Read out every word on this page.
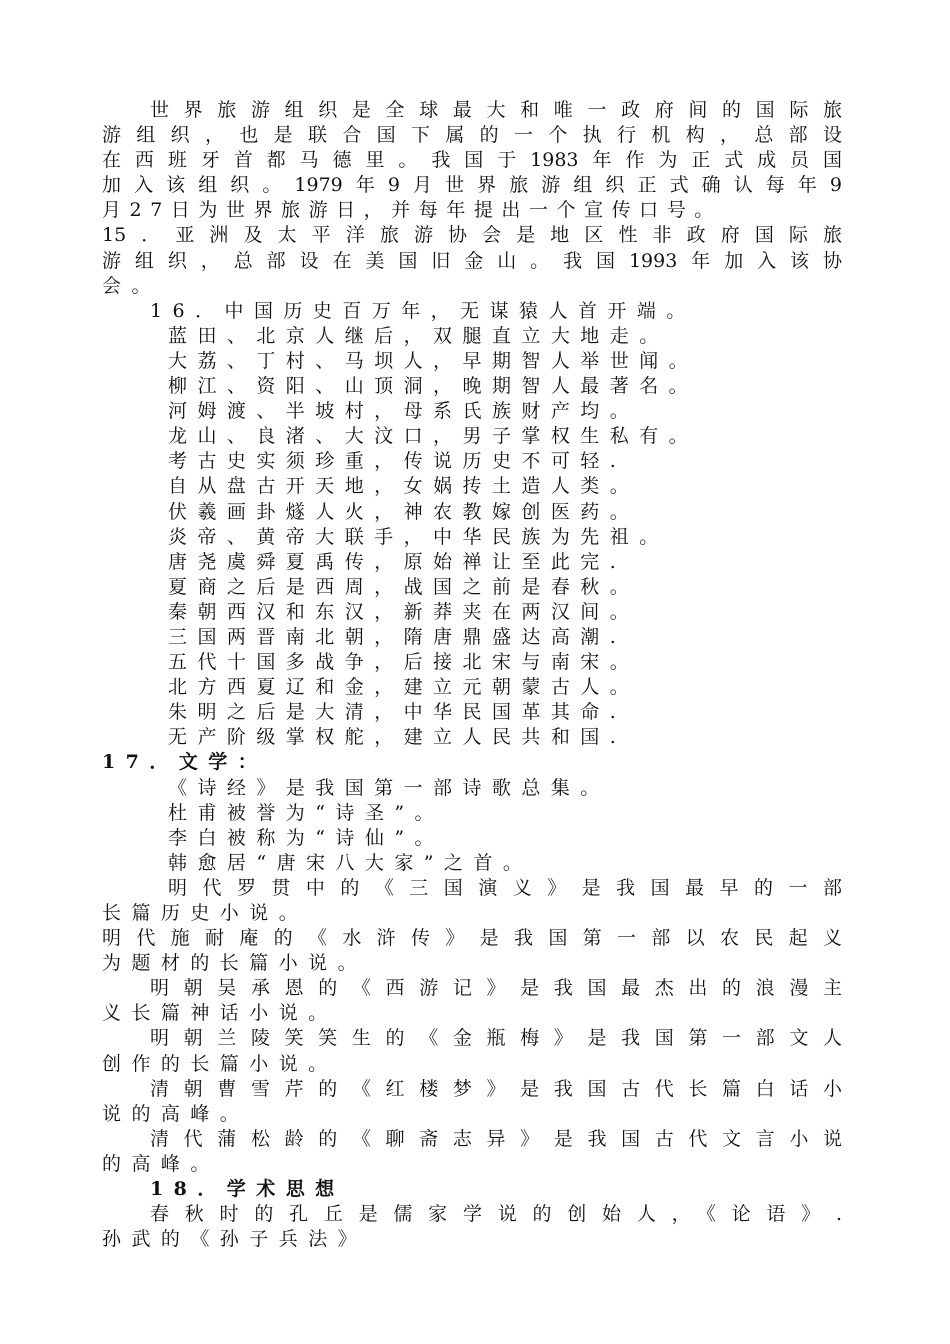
世界旅游组织是全球最大和唯一政府间的国际旅
游组织，也是联合国下属的一个执行机构，总部设
在西班牙首都马德里。我国于1983年作为正式成员国
加入该组织。1979年9月世界旅游组织正式确认每年9
月27日为世界旅游日，并每年提出一个宣传口号。
15．亚洲及太平洋旅游协会是地区性非政府国际旅
游组织，总部设在美国旧金山。我国1993年加入该协
会。
16．中国历史百万年，无谋猿人首开端。
蓝田、北京人继后，双腿直立大地走。
大荔、丁村、马坝人，早期智人举世闻。
柳江、资阳、山顶洞，晚期智人最著名。
河姆渡、半坡村，母系氏族财产均。
龙山、良渚、大汶口，男子掌权生私有。
考古史实须珍重，传说历史不可轻.
自从盘古开天地，女娲抟土造人类。
伏羲画卦燧人火，神农教嫁创医药。
炎帝、黄帝大联手，中华民族为先祖。
唐尧虞舜夏禹传，原始禅让至此完.
夏商之后是西周，战国之前是春秋。
秦朝西汉和东汉，新莽夹在两汉间。
三国两晋南北朝，隋唐鼎盛达高潮.
五代十国多战争，后接北宋与南宋。
北方西夏辽和金，建立元朝蒙古人。
朱明之后是大清，中华民国革其命.
无产阶级掌权舵，建立人民共和国.
17．文学：
《诗经》是我国第一部诗歌总集。
杜甫被誉为“诗圣”。
李白被称为“诗仙”。
韩愈居“唐宋八大家”之首。
明代罗贯中的《三国演义》是我国最早的一部
长篇历史小说。
明代施耐庵的《水浒传》是我国第一部以农民起义
为题材的长篇小说。
明朝吴承恩的《西游记》是我国最杰出的浪漫主
义长篇神话小说。
明朝兰陵笑笑生的《金瓶梅》是我国第一部文人
创作的长篇小说。
清朝曹雪芹的《红楼梦》是我国古代长篇白话小
说的高峰。
清代蒲松龄的《聊斋志异》是我国古代文言小说
的高峰。
18．学术思想
春秋时的孔丘是儒家学说的创始人，《论语》.
孙武的《孙子兵法》
